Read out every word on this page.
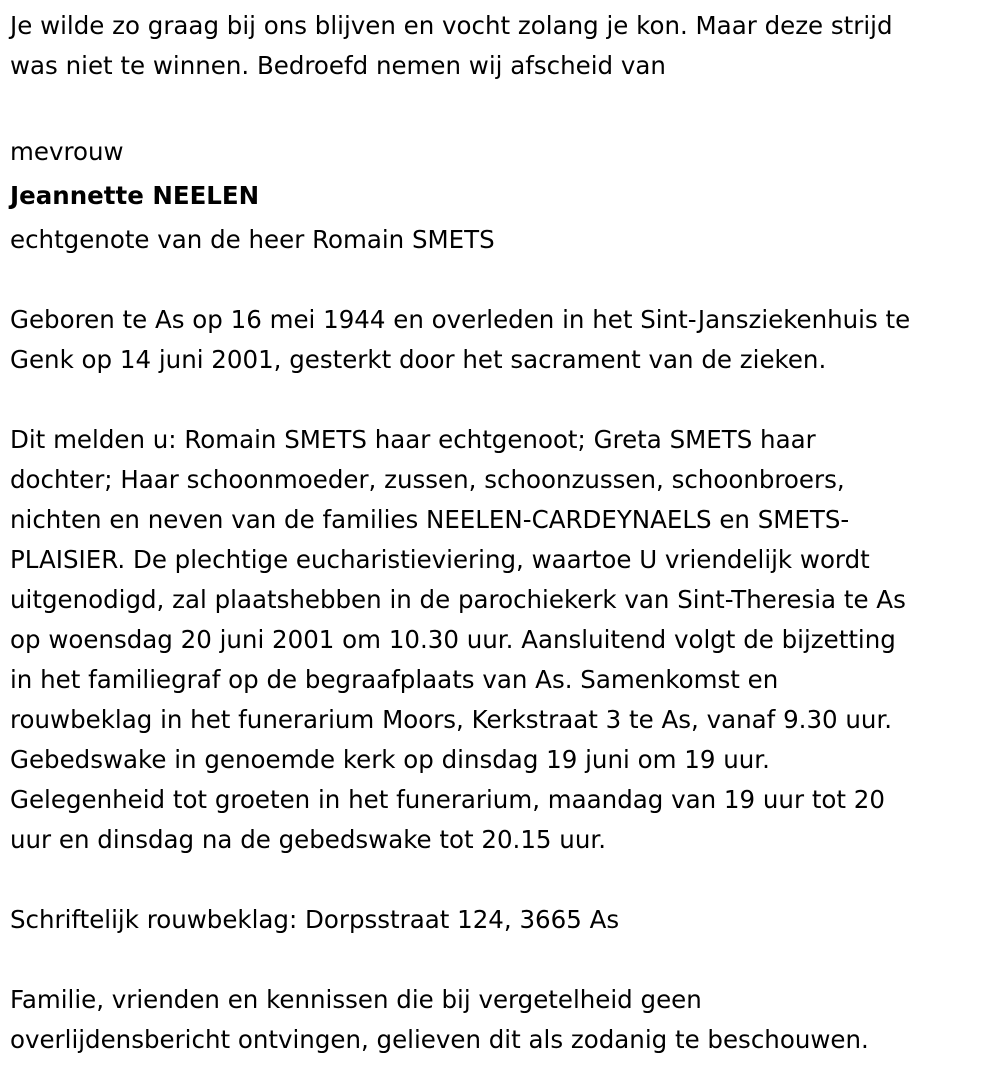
Je wilde zo graag bij ons blijven en vocht zolang je kon. Maar deze strijd
was niet te winnen. Bedroefd nemen wij afscheid van
mevrouw
Jeannette NEELEN
echtgenote van de heer Romain SMETS
Geboren te As op 16 mei 1944 en overleden in het Sint-Jansziekenhuis te
Genk op 14 juni 2001, gesterkt door het sacrament van de zieken.
Dit melden u: Romain SMETS haar echtgenoot; Greta SMETS haar
dochter; Haar schoonmoeder, zussen, schoonzussen, schoonbroers,
nichten en neven van de families NEELEN-CARDEYNAELS en SMETS-
PLAISIER. De plechtige eucharistieviering, waartoe U vriendelijk wordt
uitgenodigd, zal plaatshebben in de parochiekerk van Sint-Theresia te As
op woensdag 20 juni 2001 om 10.30 uur. Aansluitend volgt de bijzetting
in het familiegraf op de begraafplaats van As. Samenkomst en
rouwbeklag in het funerarium Moors, Kerkstraat 3 te As, vanaf 9.30 uur.
Gebedswake in genoemde kerk op dinsdag 19 juni om 19 uur.
Gelegenheid tot groeten in het funerarium, maandag van 19 uur tot 20
uur en dinsdag na de gebedswake tot 20.15 uur.
Schriftelijk rouwbeklag: Dorpsstraat 124, 3665 As
Familie, vrienden en kennissen die bij vergetelheid geen
overlijdensbericht ontvingen, gelieven dit als zodanig te beschouwen.
